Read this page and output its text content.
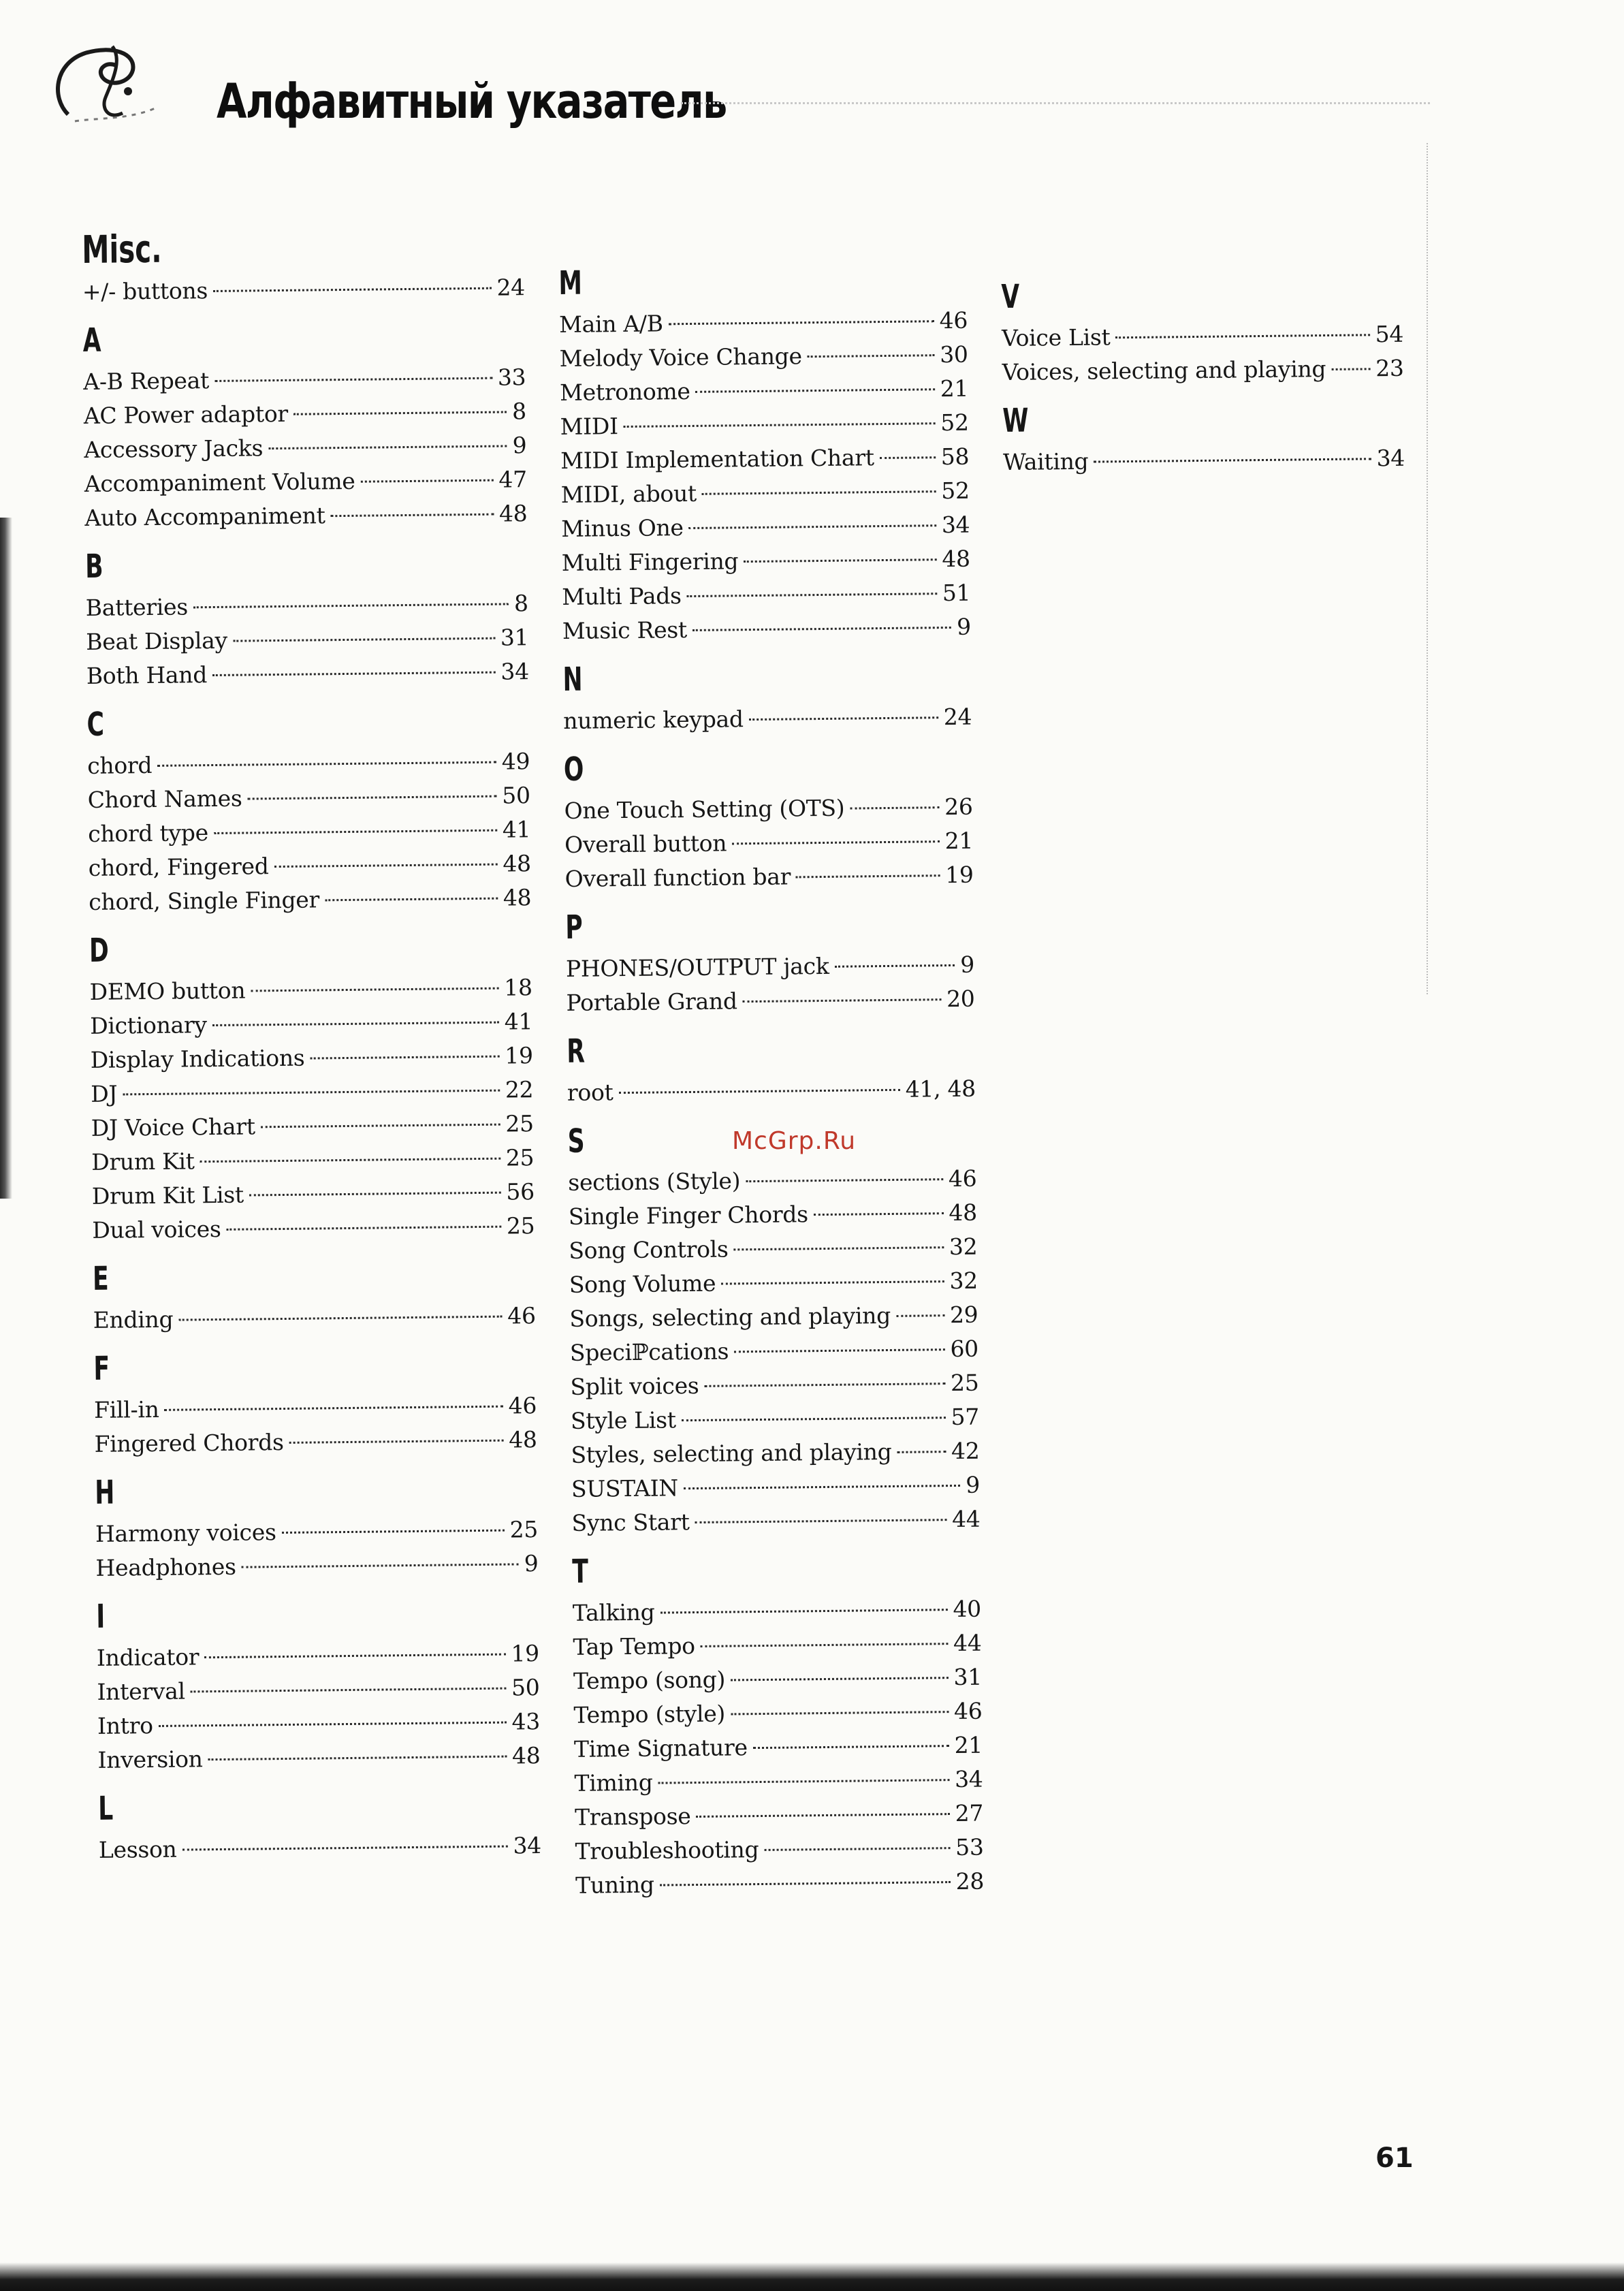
Алфавитный указатель
Misc.
+/- buttons	24
A
A-B Repeat	33
AC Power adaptor	8
Accessory Jacks	9
Accompaniment Volume	47
Auto Accompaniment	48
B
Batteries	8
Beat Display	31
Both Hand	34
C
chord	49
Chord Names	50
chord type	41
chord, Fingered	48
chord, Single Finger	48
D
DEMO button	18
Dictionary	41
Display Indications	19
DJ	22
DJ Voice Chart	25
Drum Kit	25
Drum Kit List	56
Dual voices	25
E
Ending	46
F
Fill-in	46
Fingered Chords	48
H
Harmony voices	25
Headphones	9
I
Indicator	19
Interval	50
Intro	43
Inversion	48
L
Lesson	34
M
Main A/B	46
Melody Voice Change	30
Metronome	21
MIDI	52
MIDI Implementation Chart	58
MIDI, about	52
Minus One	34
Multi Fingering	48
Multi Pads	51
Music Rest	9
N
numeric keypad	24
O
One Touch Setting (OTS)	26
Overall button	21
Overall function bar	19
P
PHONES/OUTPUT jack	9
Portable Grand	20
R
root	41, 48
S
sections (Style)	46
Single Finger Chords	48
Song Controls	32
Song Volume	32
Songs, selecting and playing	29
Speciℙcations	60
Split voices	25
Style List	57
Styles, selecting and playing	42
SUSTAIN	9
Sync Start	44
T
Talking	40
Tap Tempo	44
Tempo (song)	31
Tempo (style)	46
Time Signature	21
Timing	34
Transpose	27
Troubleshooting	53
Tuning	28
V
Voice List	54
Voices, selecting and playing 23
W
Waiting	34
McGrp.Ru
61
